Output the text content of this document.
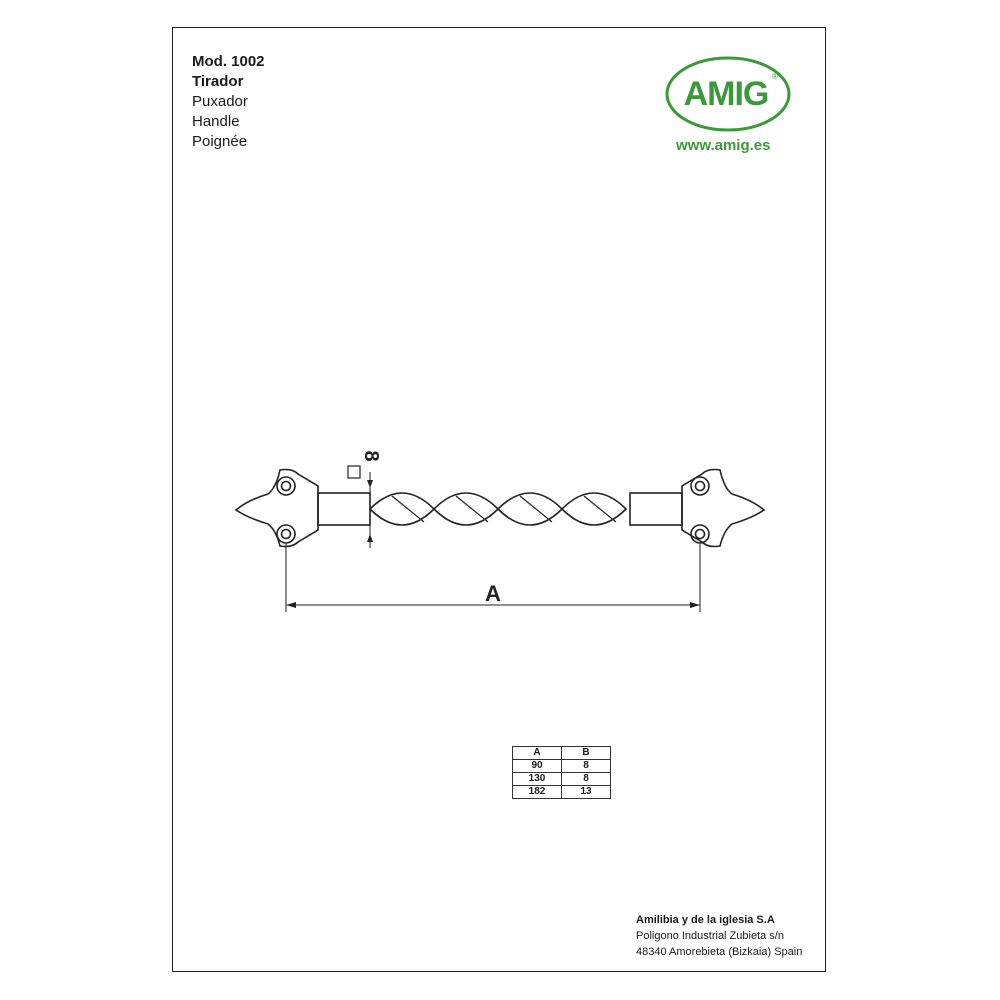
Mod. 1002
Tirador
Puxador
Handle
Poignée
AMIG ®
www.amig.es
8
A
A	B
90	8
130	8
182	13
Amilibia y de la iglesia S.A
Poligono Industrial Zubieta s/n
48340 Amorebieta (Bizkaia) Spain
